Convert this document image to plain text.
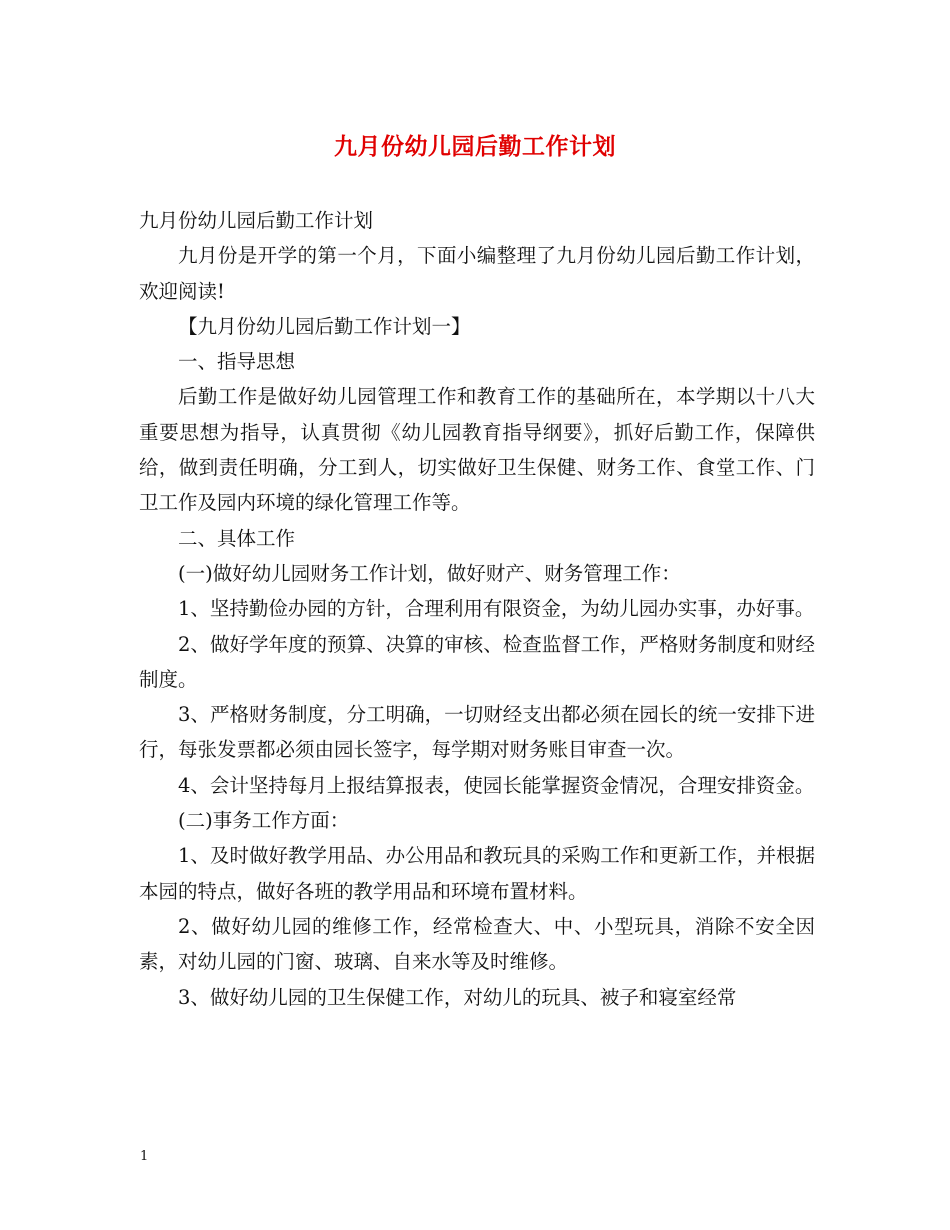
九月份幼儿园后勤工作计划

九月份幼儿园后勤工作计划

九月份是开学的第一个月，下面小编整理了九月份幼儿园后勤工作计划，欢迎阅读!

【九月份幼儿园后勤工作计划一】

一、指导思想

后勤工作是做好幼儿园管理工作和教育工作的基础所在，本学期以十八大重要思想为指导，认真贯彻《幼儿园教育指导纲要》，抓好后勤工作，保障供给，做到责任明确，分工到人，切实做好卫生保健、财务工作、食堂工作、门卫工作及园内环境的绿化管理工作等。

二、具体工作

(一)做好幼儿园财务工作计划，做好财产、财务管理工作：

1、坚持勤俭办园的方针，合理利用有限资金，为幼儿园办实事，办好事。

2、做好学年度的预算、决算的审核、检查监督工作，严格财务制度和财经制度。

3、严格财务制度，分工明确，一切财经支出都必须在园长的统一安排下进行，每张发票都必须由园长签字，每学期对财务账目审查一次。

4、会计坚持每月上报结算报表，使园长能掌握资金情况，合理安排资金。

(二)事务工作方面：

1、及时做好教学用品、办公用品和教玩具的采购工作和更新工作，并根据本园的特点，做好各班的教学用品和环境布置材料。

2、做好幼儿园的维修工作，经常检查大、中、小型玩具，消除不安全因素，对幼儿园的门窗、玻璃、自来水等及时维修。

3、做好幼儿园的卫生保健工作，对幼儿的玩具、被子和寝室经常

1
